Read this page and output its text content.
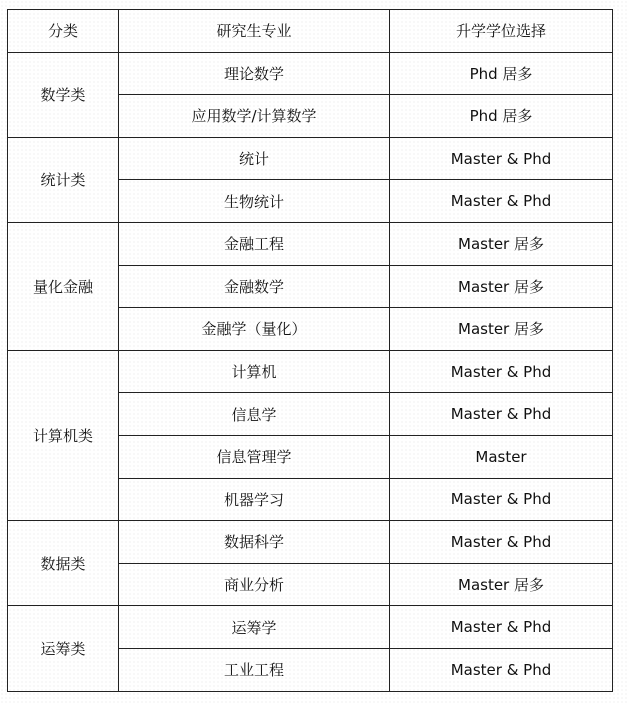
分类	研究生专业	升学学位选择
数学类	理论数学	Phd 居多
	应用数学/计算数学	Phd 居多
统计类	统计	Master & Phd
	生物统计	Master & Phd
量化金融	金融工程	Master 居多
	金融数学	Master 居多
	金融学（量化）	Master 居多
计算机类	计算机	Master & Phd
	信息学	Master & Phd
	信息管理学	Master
	机器学习	Master & Phd
数据类	数据科学	Master & Phd
	商业分析	Master 居多
运筹类	运筹学	Master & Phd
	工业工程	Master & Phd
